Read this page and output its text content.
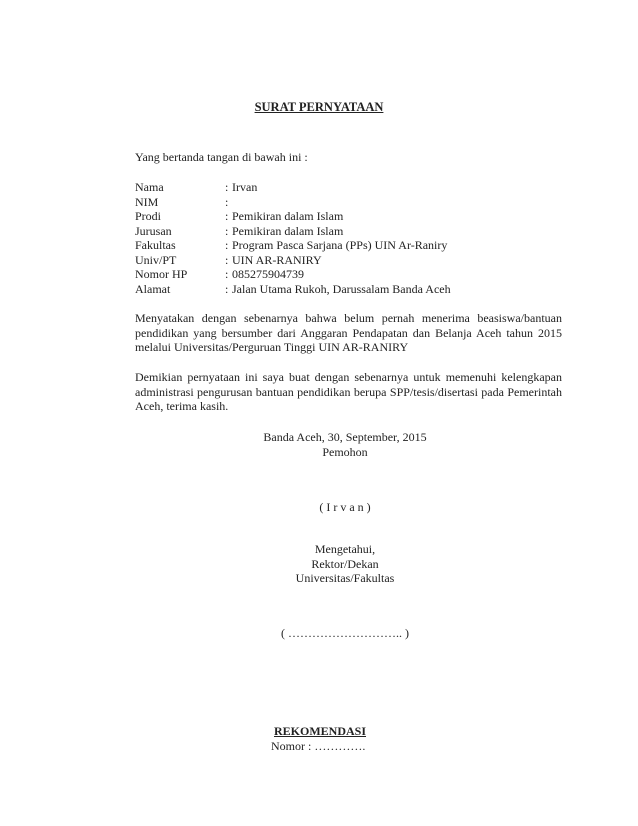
SURAT PERNYATAAN
Yang bertanda tangan di bawah ini :
Nama	: Irvan
NIM	:
Prodi	: Pemikiran dalam Islam
Jurusan	: Pemikiran dalam Islam
Fakultas	: Program Pasca Sarjana (PPs) UIN Ar-Raniry
Univ/PT	: UIN AR-RANIRY
Nomor HP	: 085275904739
Alamat	: Jalan Utama Rukoh, Darussalam Banda Aceh
Menyatakan dengan sebenarnya bahwa belum pernah menerima beasiswa/bantuan pendidikan yang bersumber dari Anggaran Pendapatan dan Belanja Aceh tahun 2015 melalui Universitas/Perguruan Tinggi UIN AR-RANIRY
Demikian pernyataan ini saya buat dengan sebenarnya untuk memenuhi kelengkapan administrasi pengurusan bantuan pendidikan berupa SPP/tesis/disertasi pada Pemerintah Aceh, terima kasih.
Banda Aceh, 30, September, 2015
Pemohon
( I r v a n )
Mengetahui,
Rektor/Dekan
Universitas/Fakultas
( ……………………….. )
REKOMENDASI
Nomor : ………….
